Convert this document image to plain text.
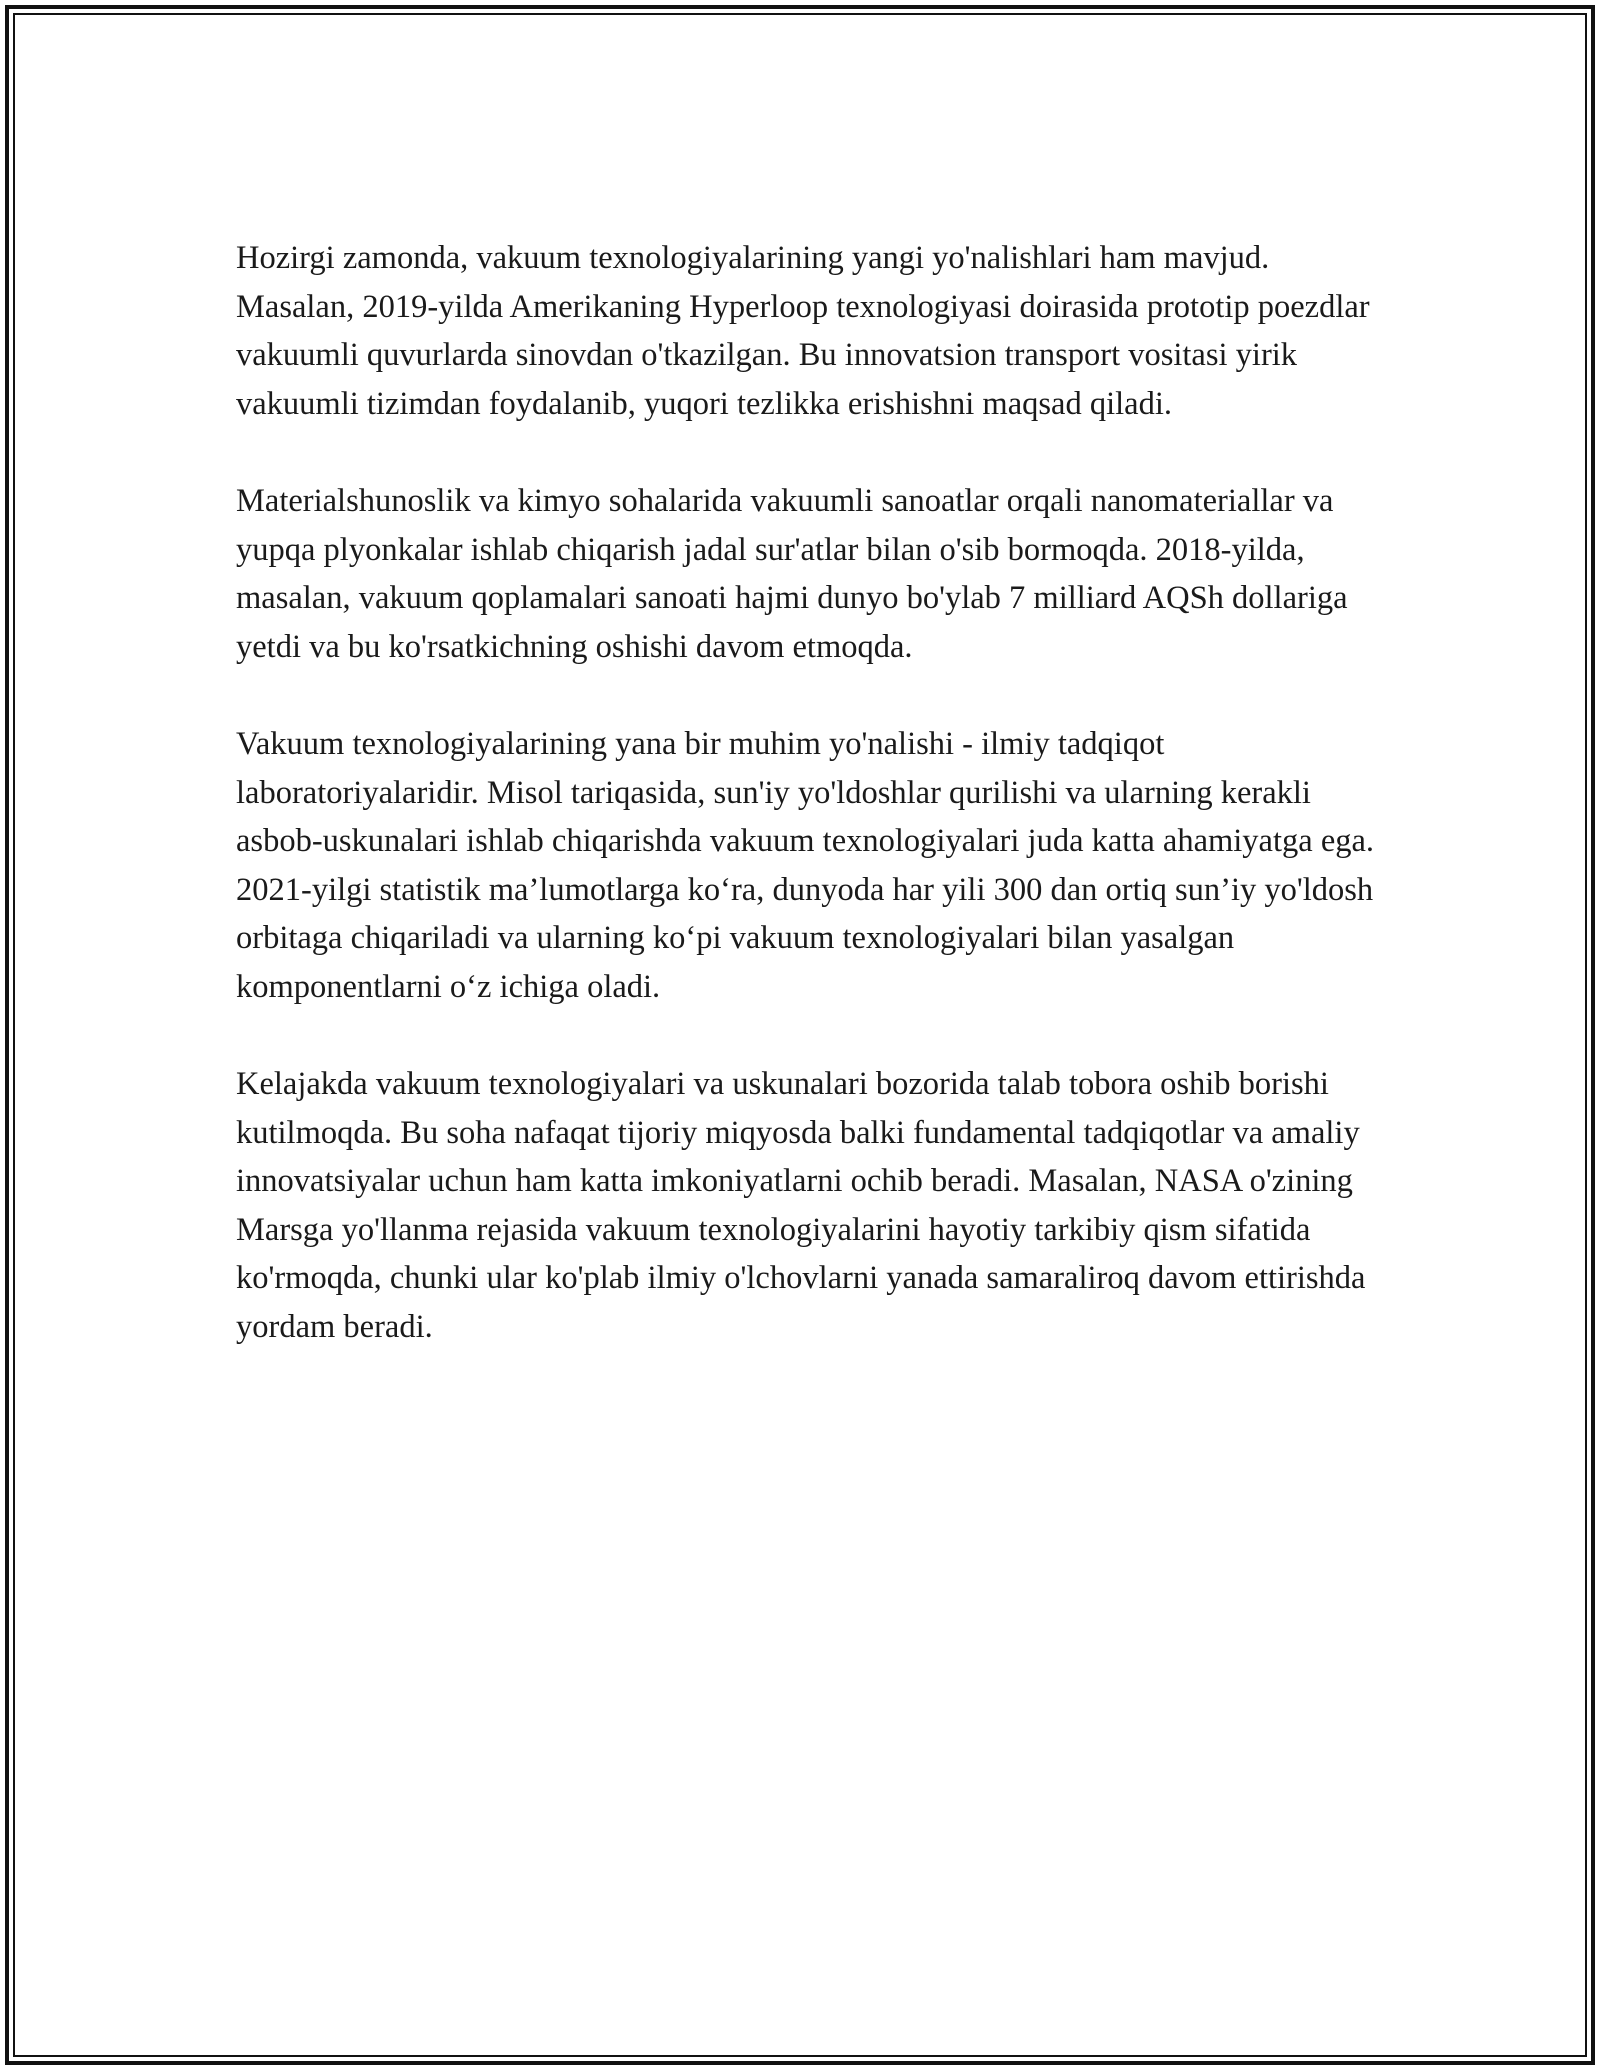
Hozirgi zamonda, vakuum texnologiyalarining yangi yo'nalishlari ham mavjud. Masalan, 2019-yilda Amerikaning Hyperloop texnologiyasi doirasida prototip poezdlar vakuumli quvurlarda sinovdan o'tkazilgan. Bu innovatsion transport vositasi yirik vakuumli tizimdan foydalanib, yuqori tezlikka erishishni maqsad qiladi.

Materialshunoslik va kimyo sohalarida vakuumli sanoatlar orqali nanomateriallar va yupqa plyonkalar ishlab chiqarish jadal sur'atlar bilan o'sib bormoqda. 2018-yilda, masalan, vakuum qoplamalari sanoati hajmi dunyo bo'ylab 7 milliard AQSh dollariga yetdi va bu ko'rsatkichning oshishi davom etmoqda.

Vakuum texnologiyalarining yana bir muhim yo'nalishi - ilmiy tadqiqot laboratoriyalaridir. Misol tariqasida, sun'iy yo'ldoshlar qurilishi va ularning kerakli asbob-uskunalari ishlab chiqarishda vakuum texnologiyalari juda katta ahamiyatga ega. 2021-yilgi statistik ma’lumotlarga ko‘ra, dunyoda har yili 300 dan ortiq sun’iy yo'ldosh orbitaga chiqariladi va ularning ko‘pi vakuum texnologiyalari bilan yasalgan komponentlarni o‘z ichiga oladi.

Kelajakda vakuum texnologiyalari va uskunalari bozorida talab tobora oshib borishi kutilmoqda. Bu soha nafaqat tijoriy miqyosda balki fundamental tadqiqotlar va amaliy innovatsiyalar uchun ham katta imkoniyatlarni ochib beradi. Masalan, NASA o'zining Marsga yo'llanma rejasida vakuum texnologiyalarini hayotiy tarkibiy qism sifatida ko'rmoqda, chunki ular ko'plab ilmiy o'lchovlarni yanada samaraliroq davom ettirishda yordam beradi.
